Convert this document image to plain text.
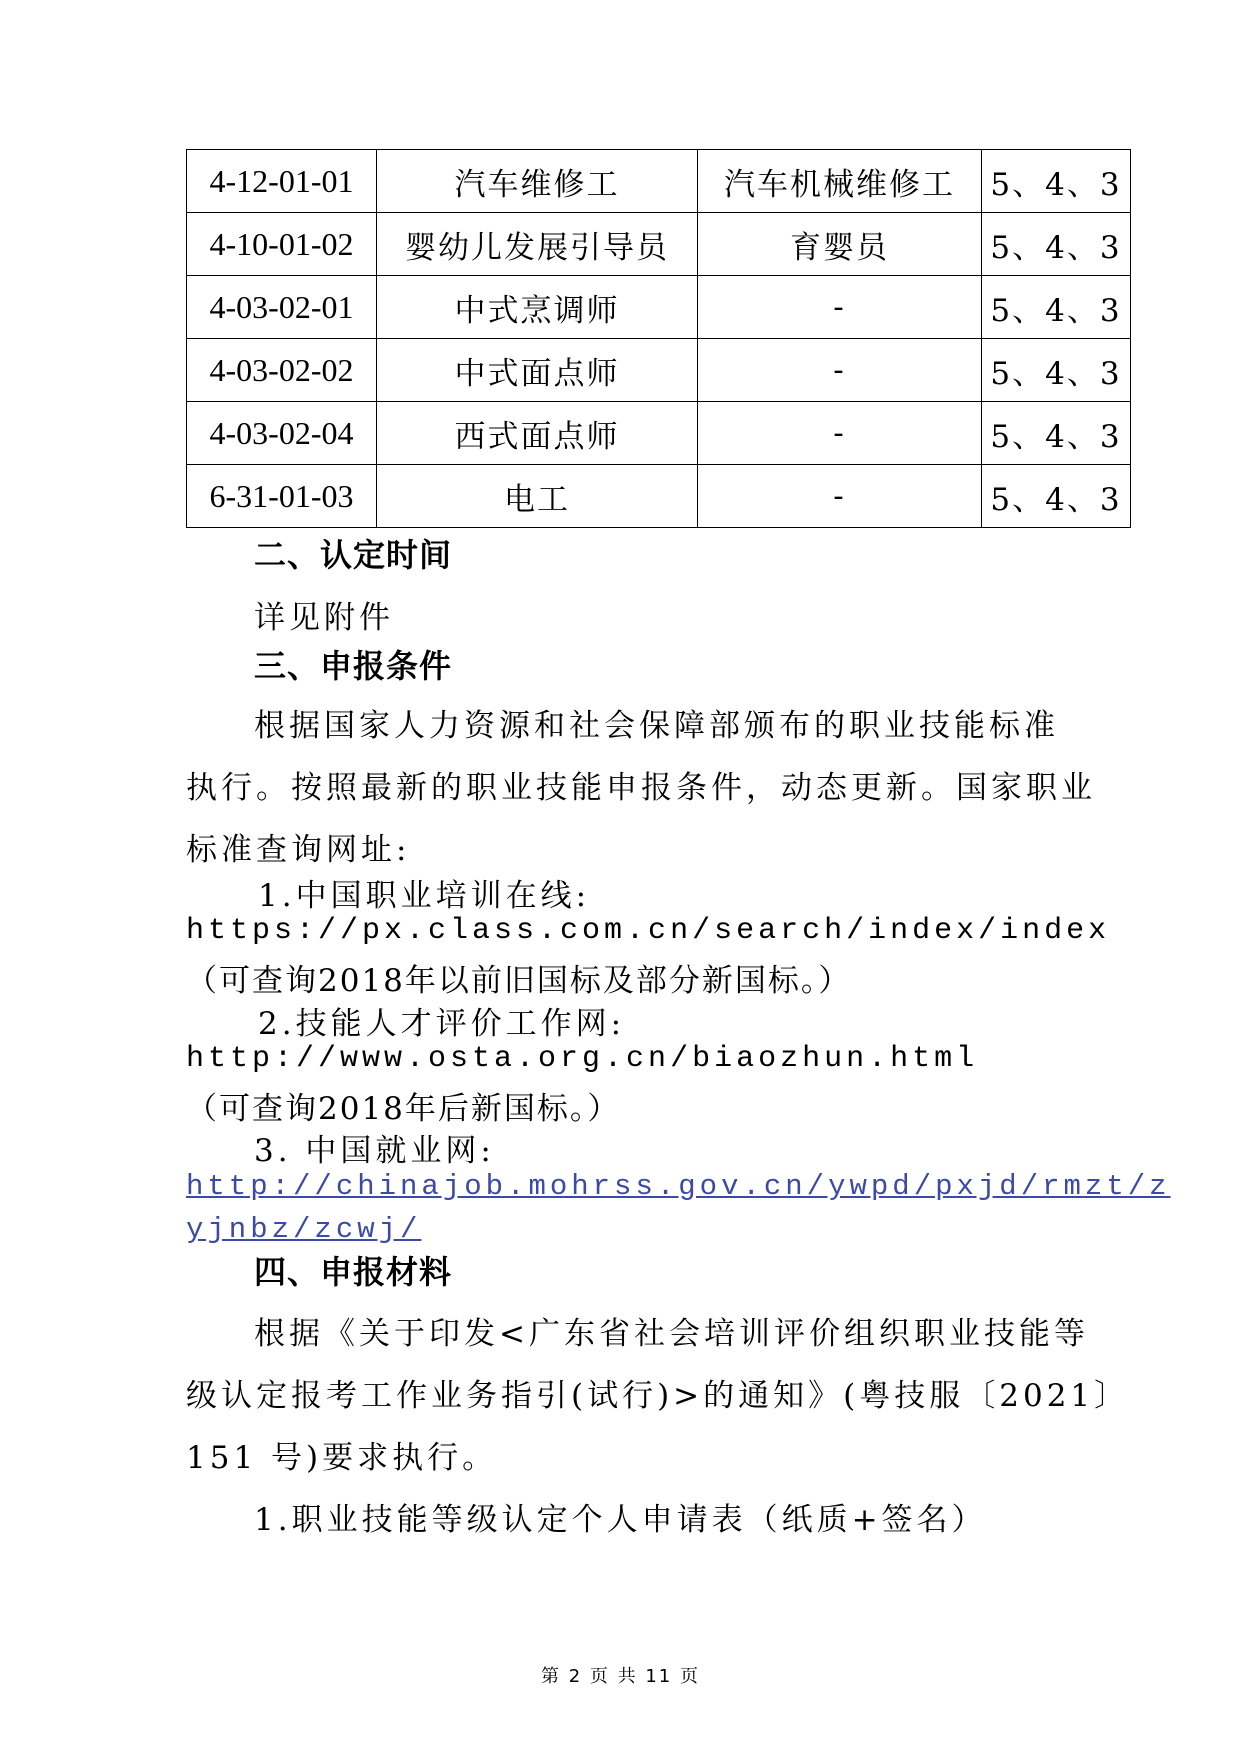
4-12-01-01	汽车维修工	汽车机械维修工	5、4、3
4-10-01-02	婴幼儿发展引导员	育婴员	5、4、3
4-03-02-01	中式烹调师	-	5、4、3
4-03-02-02	中式面点师	-	5、4、3
4-03-02-04	西式面点师	-	5、4、3
6-31-01-03	电工	-	5、4、3
二、认定时间
详见附件
三、申报条件
根据国家人力资源和社会保障部颁布的职业技能标准
执行。按照最新的职业技能申报条件，动态更新。国家职业
标准查询网址:
1.中国职业培训在线:
https://px.class.com.cn/search/index/index
（可查询2018年以前旧国标及部分新国标。）
2.技能人才评价工作网:
http://www.osta.org.cn/biaozhun.html
（可查询2018年后新国标。）
3. 中国就业网:
http://chinajob.mohrss.gov.cn/ywpd/pxjd/rmzt/z
yjnbz/zcwj/
四、申报材料
根据《关于印发<广东省社会培训评价组织职业技能等
级认定报考工作业务指引(试行)>的通知》(粤技服〔2021〕
151 号)要求执行。
1.职业技能等级认定个人申请表（纸质+签名）
第 2 页 共 11 页
